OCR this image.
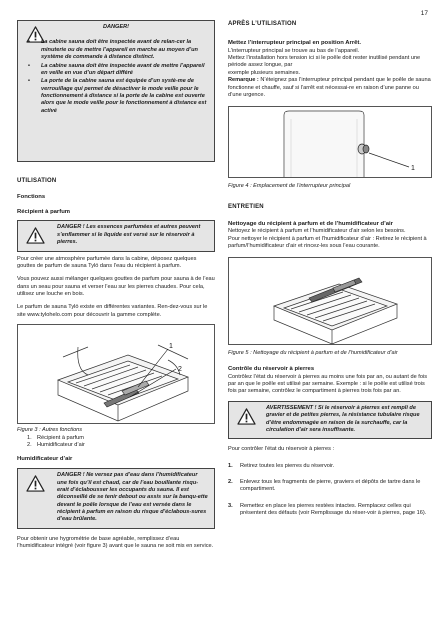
17
DANGER!
• La cabine sauna doit être inspectée avant de relan-cer la minuterie ou de mettre l’appareil en marche au moyen d’un système de commande à distance distinct.
• La cabine sauna doit être inspectée avant de mettre l’appareil en veille en vue d’un départ différé
• La porte de la cabine sauna est équipée d’un systè-me de verrouillage qui permet de désactiver le mode veille pour le fonctionnement à distance si la porte de la cabine est ouverte alors que le mode veille pour le fonctionnement à distance est activé
UTILISATION
Fonctions
Récipient à parfum
DANGER ! Les essences parfumées et autres peuvent s’enflammer si le liquide est versé sur le réservoir à pierres.

Pour créer une atmosphère parfumée dans la cabine, déposez quelques gouttes de parfum de sauna Tylö dans l’eau du récipient à parfum.

Vous pouvez aussi mélanger quelques gouttes de parfum pour sauna à de l’eau dans un seau pour sauna et verser l’eau sur les pierres chaudes. Pour cela, utilisez une louche en bois.

Le parfum de sauna Tylö existe en différentes variantes. Ren-dez-vous sur le site www.tylohelo.com pour découvrir la gamme complète.

1
2
Figure 3 : Autres fonctions
1. Récipient à parfum
2. Humidificateur d’air
Humidificateur d’air
DANGER ! Ne versez pas d’eau dans l’humidificateur une fois qu’il est chaud, car de l’eau bouillante risqu-erait d’éclabousser les occupants du sauna. Il est déconseillé de se tenir debout ou assis sur la banqu-ette devant le poêle lorsque de l’eau est versée dans le récipient à parfum en raison du risque d’éclabous-sures d’eau brûlante.

Pour obtenir une hygrométrie de base agréable, remplissez d’eau l’humidificateur intégré (voir figure 3) avant que le sauna ne soit mis en service.

APRÈS L’UTILISATION
Mettez l’interrupteur principal en position Arrêt.

L’interrupteur principal se trouve au bas de l’appareil.

Mettez l’installation hors tension ici si le poêle doit rester inutilisé pendant une période assez longue, par

exemple plusieurs semaines.

Remarque : N’éteignez pas l’interrupteur principal pendant que le poêle de sauna fonctionne et chauffe, sauf si l’arrêt est nécessai-re en raison d’une panne ou d’une urgence.

1
Figure 4 : Emplacement de l’interrupteur principal
ENTRETIEN
Nettoyage du récipient à parfum et de l’humidificateur d’air

Nettoyez le récipient à parfum et l’humidificateur d’air selon les besoins.

Pour nettoyer le récipient à parfum et l’humidificateur d’air : Retirez le récipient à parfum/l’humidificateur d’air et rincez-les sous l’eau courante.

Figure 5 : Nettoyage du récipient à parfum et de l’humidificateur d’air
Contrôle du réservoir à pierres

Contrôlez l’état du réservoir à pierres au moins une fois par an, ou autant de fois par an que le poêle est utilisé par semaine. Exemple : si le poêle est utilisé trois fois par semaine, contrôlez le compartiment à pierres trois fois par an.

AVERTISSEMENT ! Si le réservoir à pierres est rempli de gravier et de petites pierres, la résistance tubulaire risque d’être endommagée en raison de la surchauffe, car la circulation d’air sera insuffisante.

Pour contrôler l’état du réservoir à pierres :

1.	Retirez toutes les pierres du réservoir.
2.	Enlevez tous les fragments de pierre, graviers et dépôts de tartre dans le compartiment.
3.	Remettez en place les pierres restées intactes. Remplacez celles qui présentent des défauts (voir Remplissage du réser-voir à pierres, page 16).
